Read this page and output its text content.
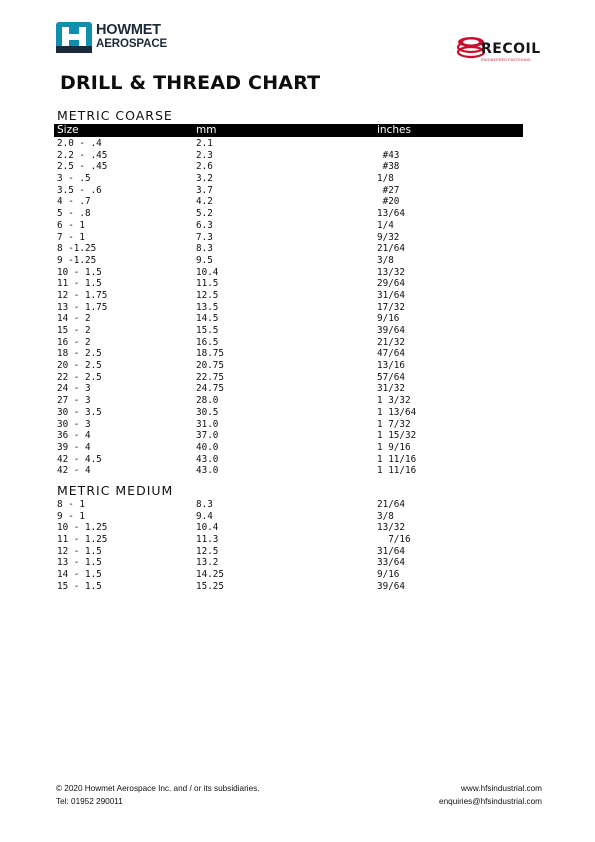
HOWMET
AEROSPACE	RECOIL
ENGINEERED FASTENING
DRILL & THREAD CHART
METRIC COARSE
Size	mm	inches
2.0 - .4	2.1
2.2 - .45	2.3	#43
2.5 - .45	2.6	#38
3 - .5	3.2	1/8
3.5 - .6	3.7	#27
4 - .7	4.2	#20
5 - .8	5.2	13/64
6 - 1	6.3	1/4
7 - 1	7.3	9/32
8 -1.25	8.3	21/64
9 -1.25	9.5	3/8
10 - 1.5	10.4	13/32
11 - 1.5	11.5	29/64
12 - 1.75	12.5	31/64
13 - 1.75	13.5	17/32
14 - 2	14.5	9/16
15 - 2	15.5	39/64
16 - 2	16.5	21/32
18 - 2.5	18.75	47/64
20 - 2.5	20.75	13/16
22 - 2.5	22.75	57/64
24 - 3	24.75	31/32
27 - 3	28.0	1 3/32
30 - 3.5	30.5	1 13/64
30 - 3	31.0	1 7/32
36 - 4	37.0	1 15/32
39 - 4	40.0	1 9/16
42 - 4.5	43.0	1 11/16
42 - 4	43.0	1 11/16
METRIC MEDIUM
8 - 1	8.3	21/64
9 - 1	9.4	3/8
10 - 1.25	10.4	13/32
11 - 1.25	11.3	7/16
12 - 1.5	12.5	31/64
13 - 1.5	13.2	33/64
14 - 1.5	14.25	9/16
15 - 1.5	15.25	39/64
© 2020 Howmet Aerospace Inc. and / or its subsidiaries.
Tel: 01952 290011
www.hfsindustrial.com
enquiries@hfsindustrial.com
